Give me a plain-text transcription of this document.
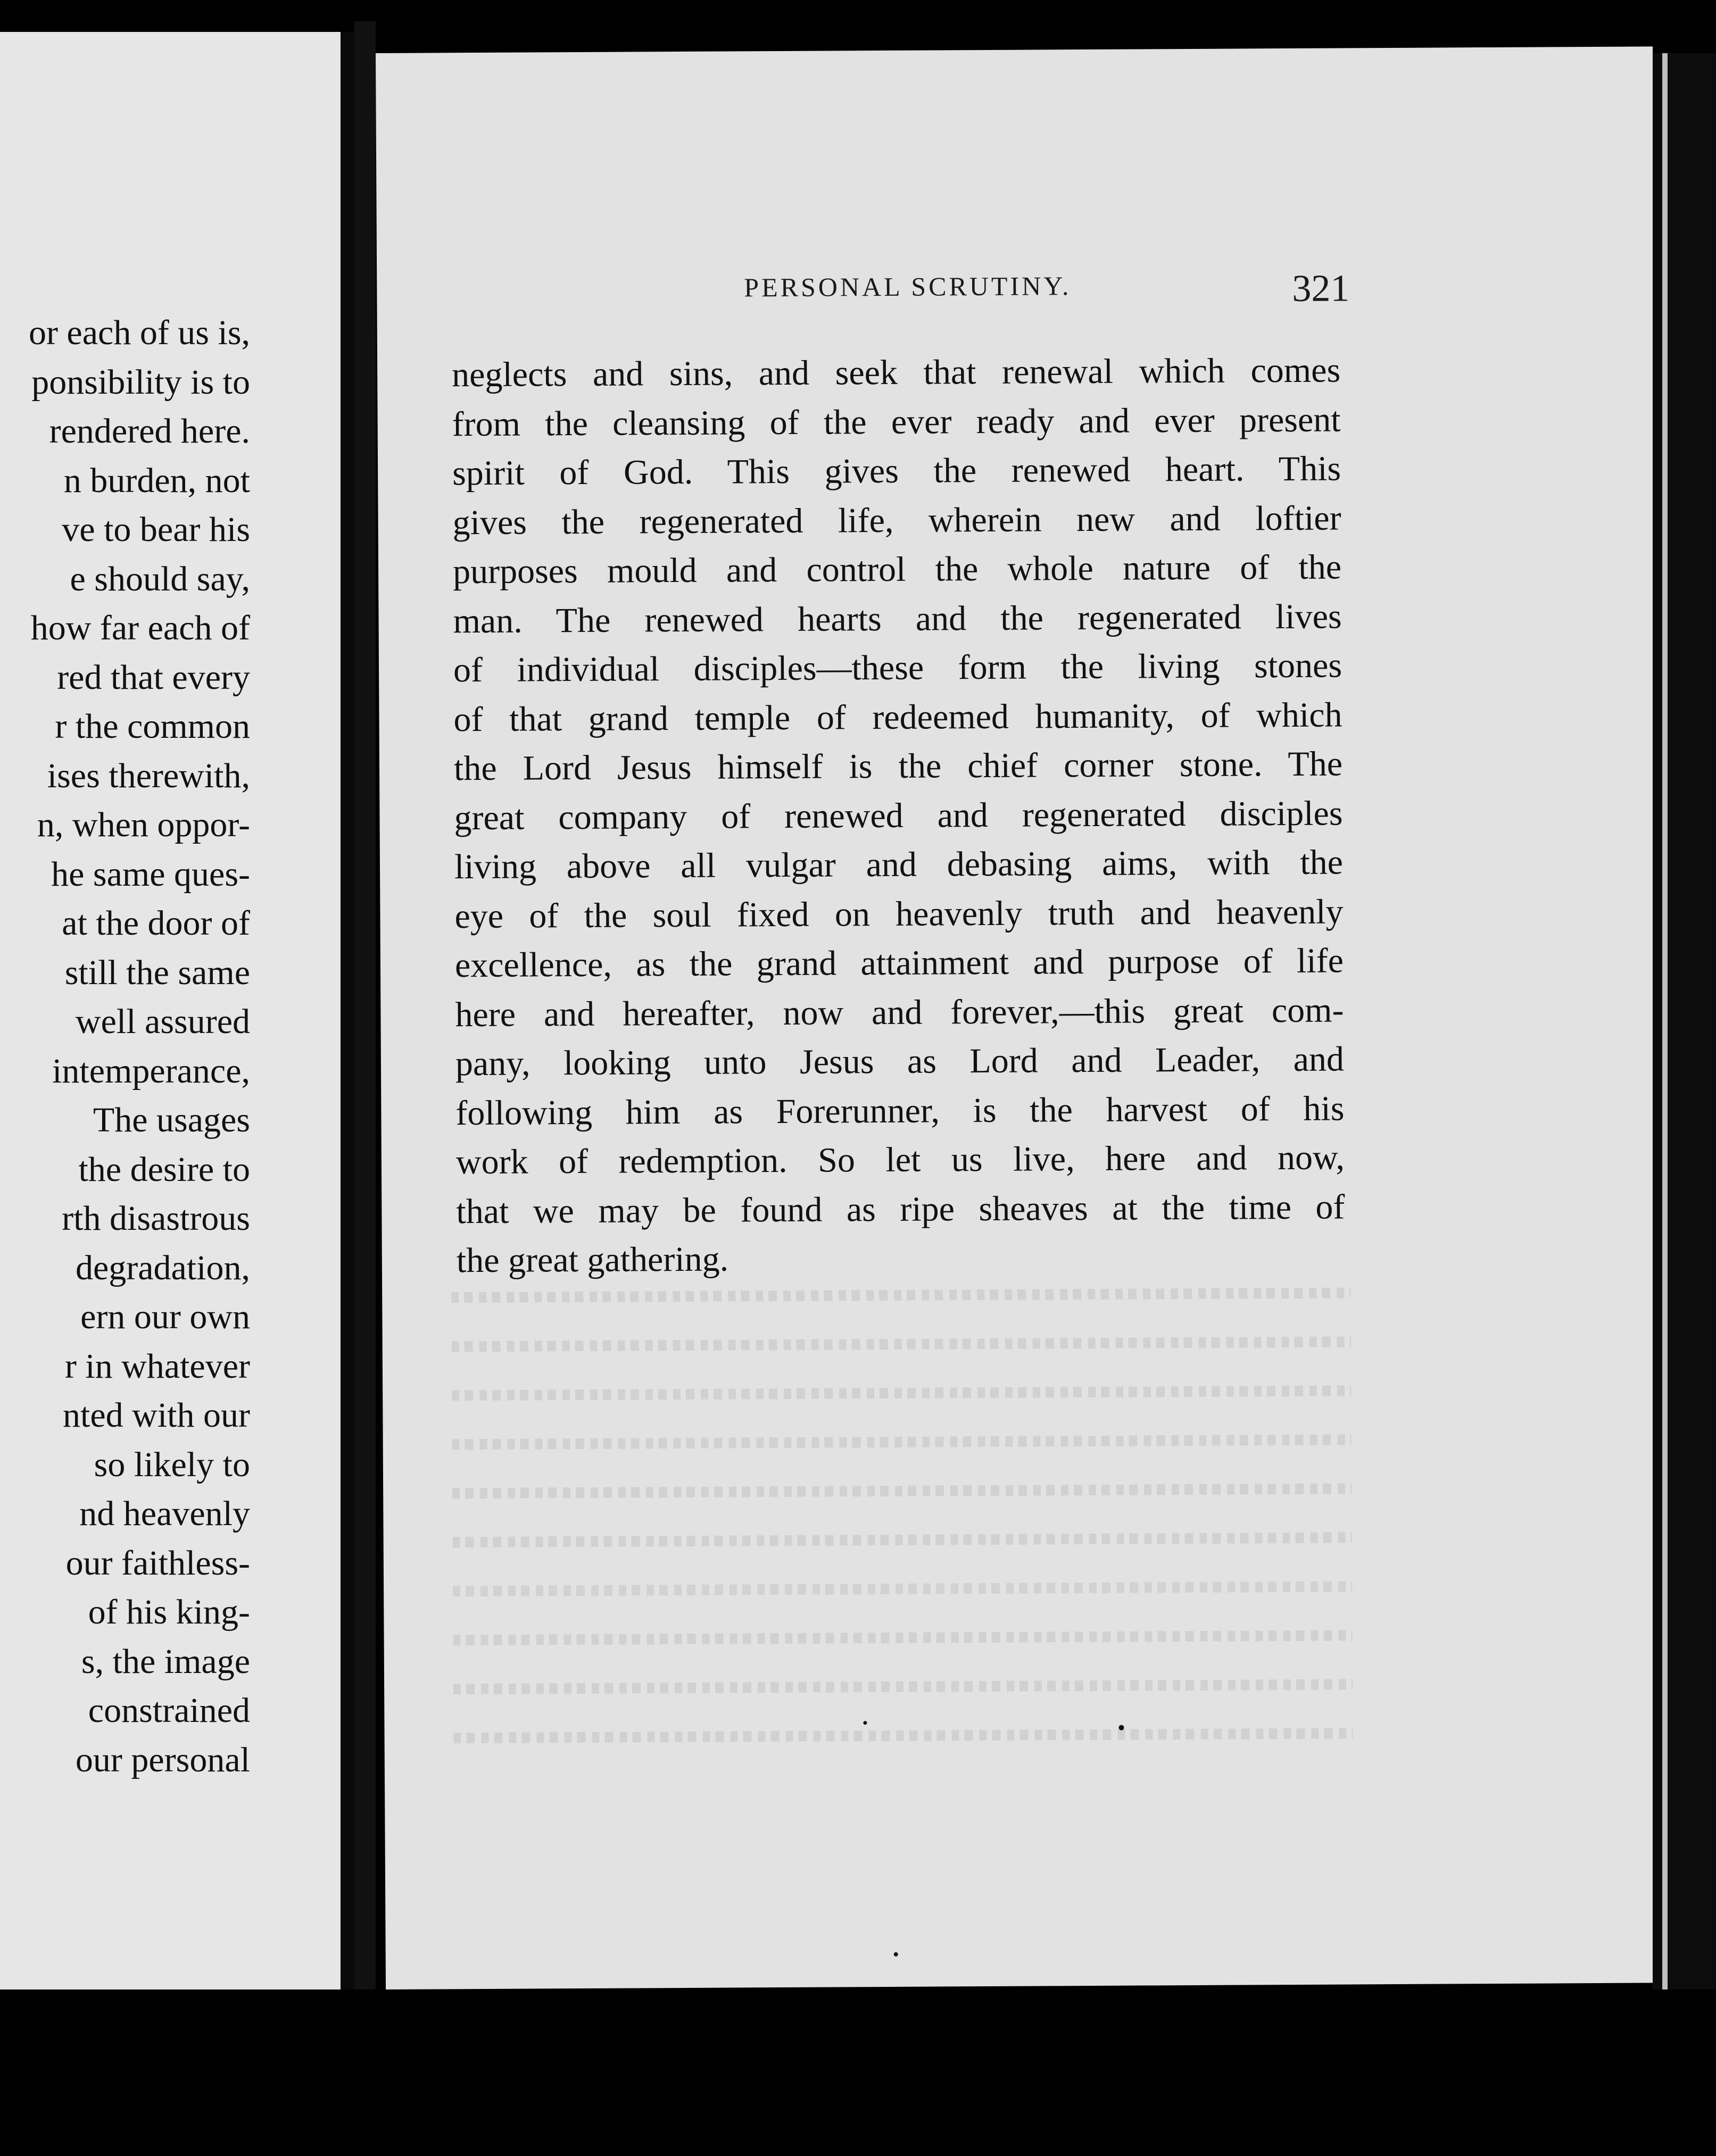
or each of us is,
ponsibility is to
rendered here.
n burden, not
ve to bear his
e should say,
how far each of
red that every
r the common
ises therewith,
n, when oppor-
he same ques-
at the door of
still the same
well assured
intemperance,
The usages
the desire to
rth disastrous
degradation,
ern our own
r in whatever
nted with our
so likely to
nd heavenly
our faithless-
of his king-
s, the image
constrained
our personal
PERSONAL SCRUTINY.	321
neglects and sins, and seek that renewal which comes
from the cleansing of the ever ready and ever present
spirit of God. This gives the renewed heart. This
gives the regenerated life, wherein new and loftier
purposes mould and control the whole nature of the
man. The renewed hearts and the regenerated lives
of individual disciples—these form the living stones
of that grand temple of redeemed humanity, of which
the Lord Jesus himself is the chief corner stone. The
great company of renewed and regenerated disciples
living above all vulgar and debasing aims, with the
eye of the soul fixed on heavenly truth and heavenly
excellence, as the grand attainment and purpose of life
here and hereafter, now and forever,—this great com-
pany, looking unto Jesus as Lord and Leader, and
following him as Forerunner, is the harvest of his
work of redemption. So let us live, here and now,
that we may be found as ripe sheaves at the time of
the great gathering.
